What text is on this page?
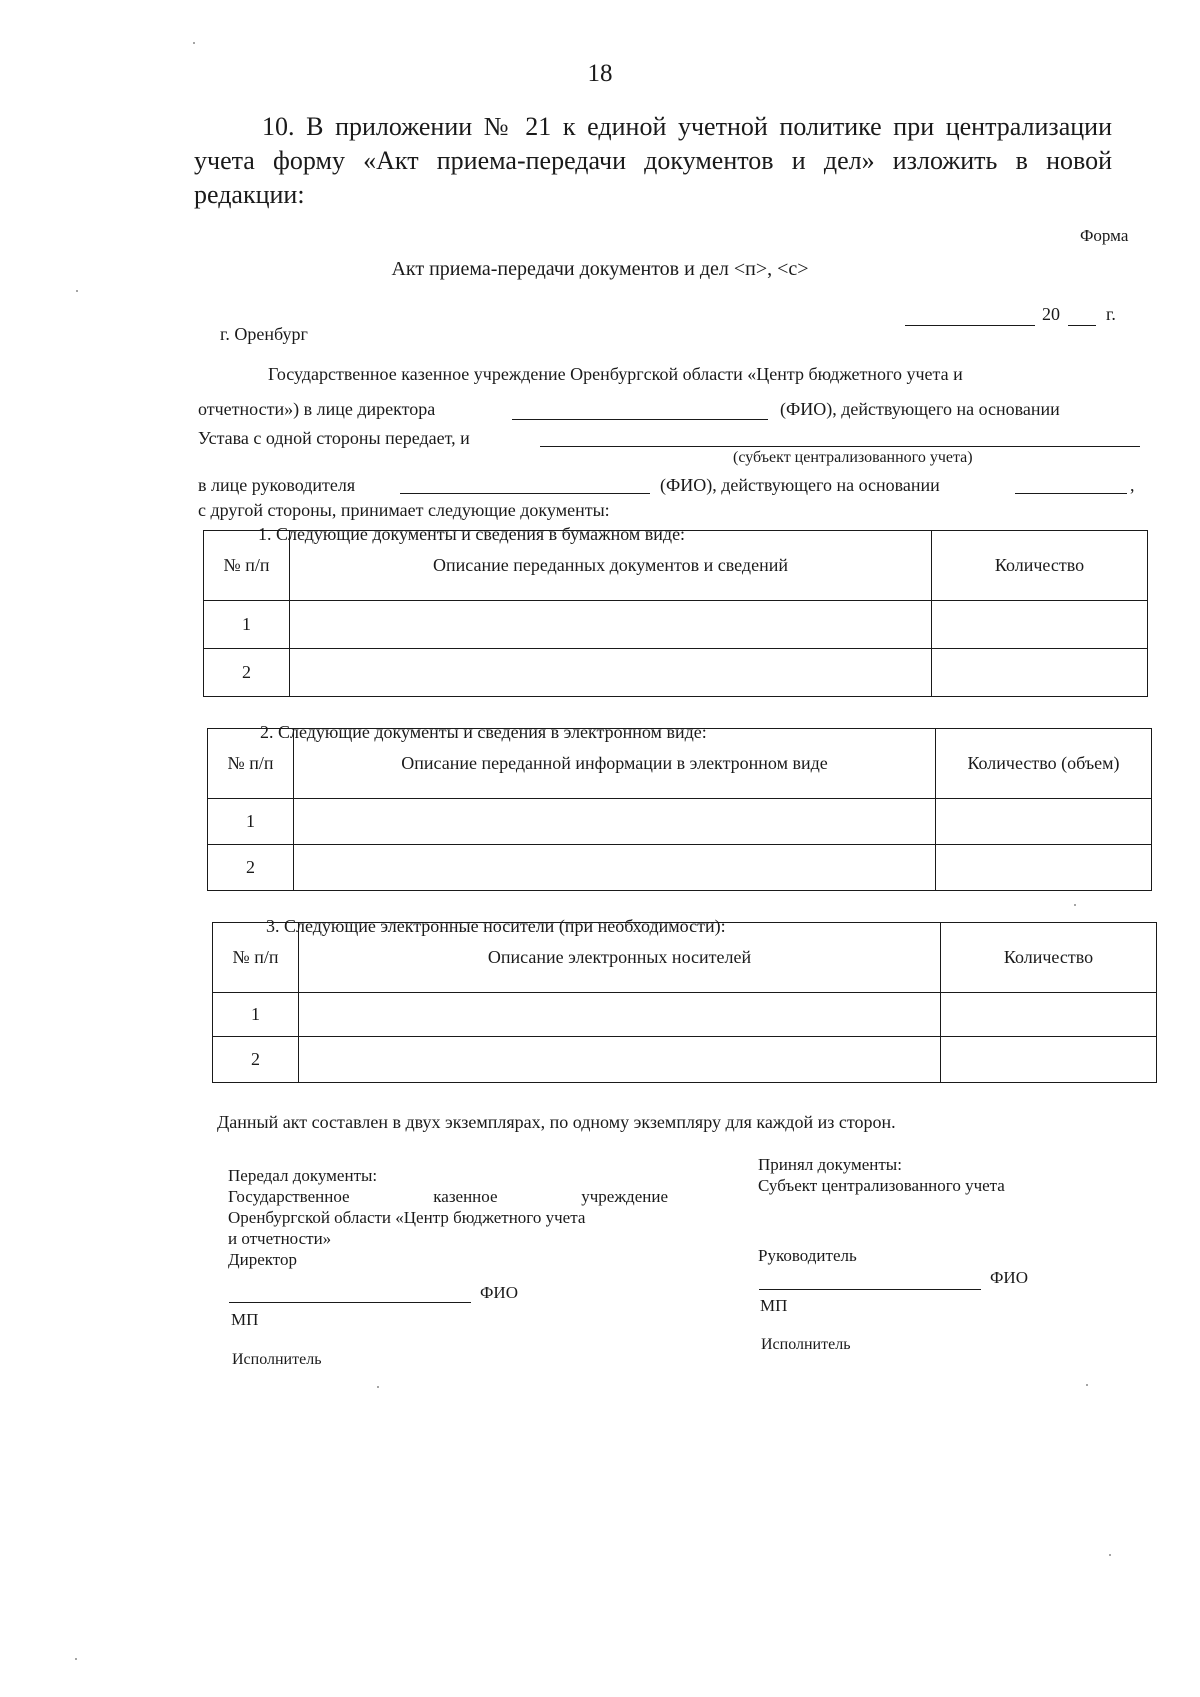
18
10. В приложении № 21 к единой учетной политике при централизации
учета форму «Акт приема-передачи документов и дел» изложить в новой
редакции:
Форма
Акт приема-передачи документов и дел <п>, <с>
20	г.
г. Оренбург
Государственное казенное учреждение Оренбургской области «Центр бюджетного учета и
отчетности») в лице директора	(ФИО), действующего на основании
Устава с одной стороны передает, и
(субъект централизованного учета)
в лице руководителя	(ФИО), действующего на основании	,
с другой стороны, принимает следующие документы:
1. Следующие документы и сведения в бумажном виде:
№ п/п	Описание переданных документов и сведений	Количество
1		
2		
2. Следующие документы и сведения в электронном виде:
№ п/п	Описание переданной информации в электронном виде	Количество (объем)
1		
2		
3. Следующие электронные носители (при необходимости):
№ п/п	Описание электронных носителей	Количество
1		
2		
Данный акт составлен в двух экземплярах, по одному экземпляру для каждой из сторон.
Передал документы:
Государственное	казенное	учреждение
Оренбургской области «Центр бюджетного учета
и отчетности»
Директор
ФИО
МП
Исполнитель
Принял документы:
Субъект централизованного учета
Руководитель
ФИО
МП
Исполнитель
